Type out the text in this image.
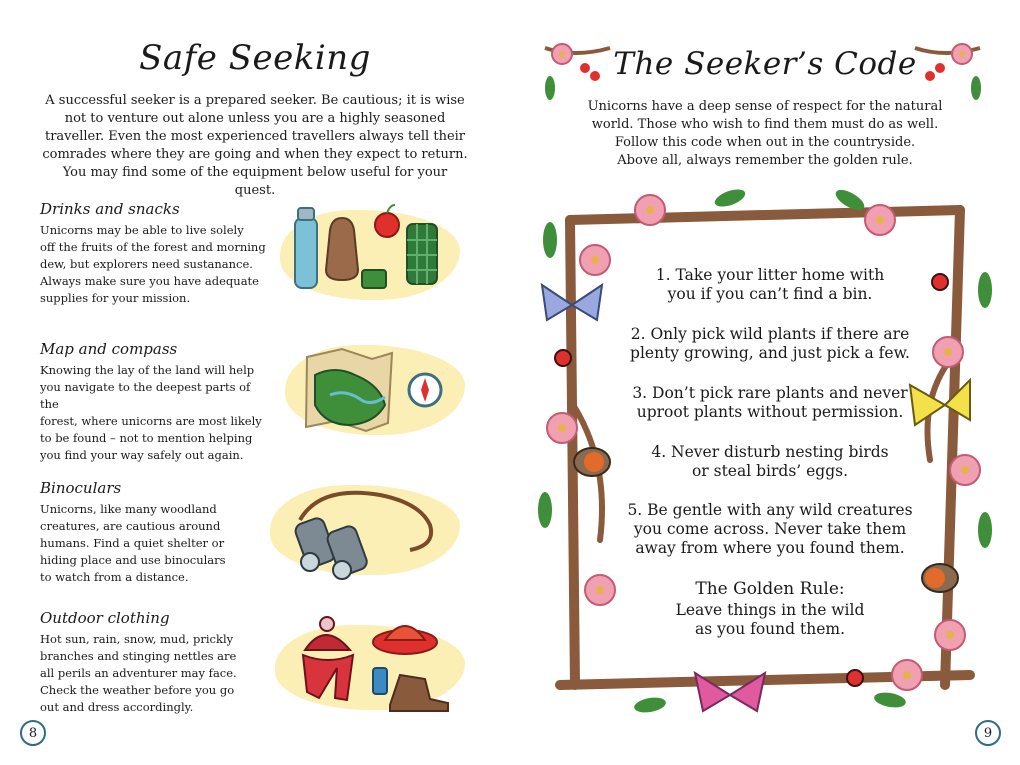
Safe Seeking
A successful seeker is a prepared seeker. Be cautious; it is wise not to venture out alone unless you are a highly seasoned traveller. Even the most experienced travellers always tell their comrades where they are going and when they expect to return. You may find some of the equipment below useful for your quest.
Drinks and snacks
Unicorns may be able to live solely
off the fruits of the forest and morning
dew, but explorers need sustanance.
Always make sure you have adequate
supplies for your mission.
Map and compass
Knowing the lay of the land will help
you navigate to the deepest parts of the
forest, where unicorns are most likely
to be found – not to mention helping
you find your way safely out again.
Binoculars
Unicorns, like many woodland
creatures, are cautious around
humans. Find a quiet shelter or
hiding place and use binoculars
to watch from a distance.
Outdoor clothing
Hot sun, rain, snow, mud, prickly
branches and stinging nettles are
all perils an adventurer may face.
Check the weather before you go
out and dress accordingly.
8
The Seeker’s Code
Unicorns have a deep sense of respect for the natural
world. Those who wish to find them must do as well.
Follow this code when out in the countryside.
Above all, always remember the golden rule.
1. Take your litter home with
you if you can’t find a bin.
2. Only pick wild plants if there are
plenty growing, and just pick a few.
3. Don’t pick rare plants and never
uproot plants without permission.
4. Never disturb nesting birds
or steal birds’ eggs.
5. Be gentle with any wild creatures
you come across. Never take them
away from where you found them.
The Golden Rule:
Leave things in the wild
as you found them.
9
